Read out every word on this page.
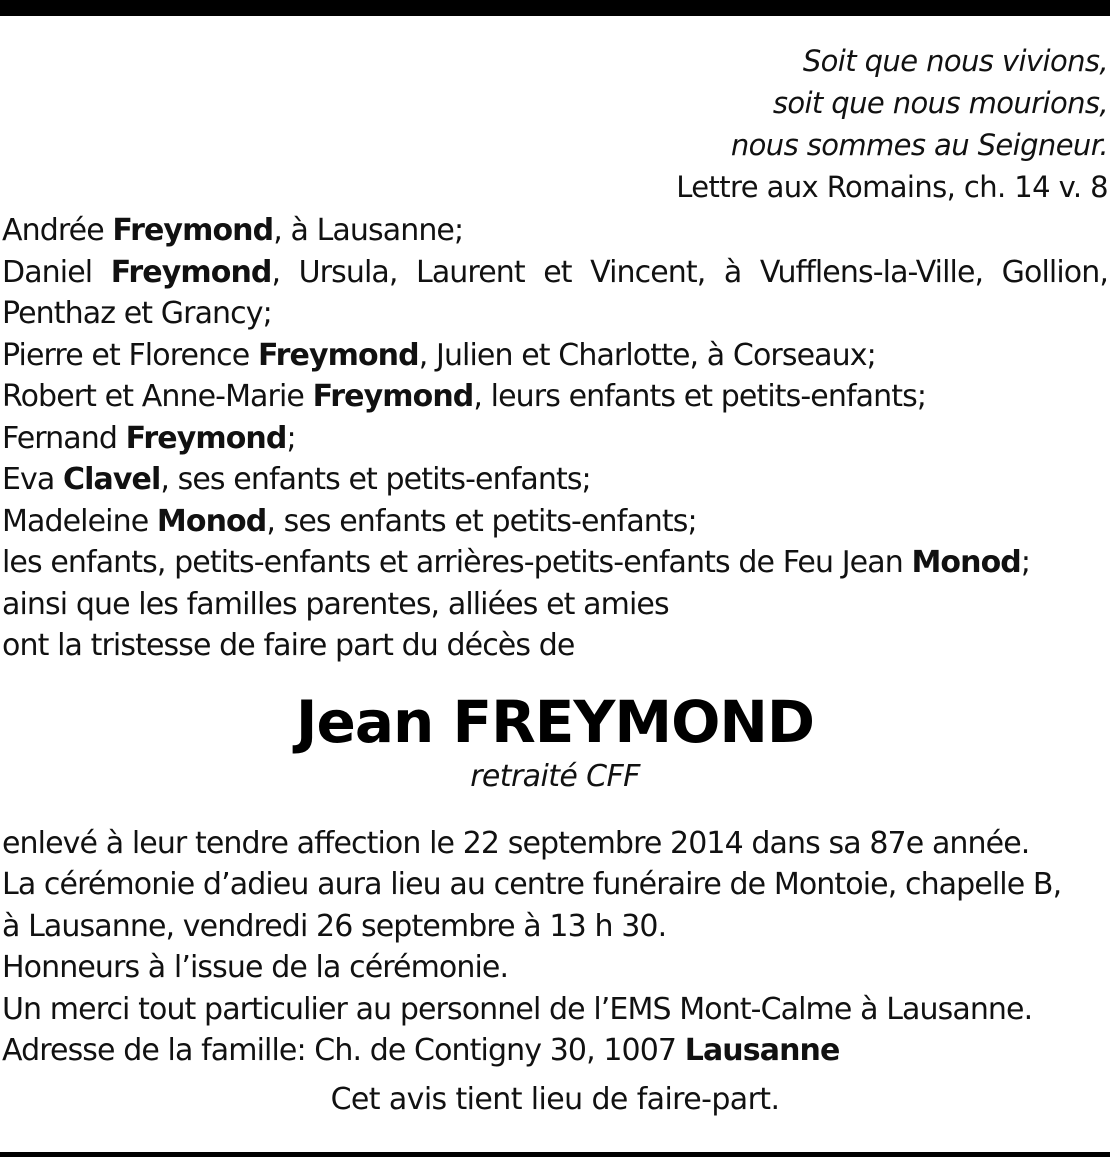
Soit que nous vivions,
soit que nous mourions,
nous sommes au Seigneur.
Lettre aux Romains, ch. 14 v. 8
Andrée Freymond, à Lausanne;
Daniel Freymond, Ursula, Laurent et Vincent, à Vufflens-la-Ville, Gollion,
Penthaz et Grancy;
Pierre et Florence Freymond, Julien et Charlotte, à Corseaux;
Robert et Anne-Marie Freymond, leurs enfants et petits-enfants;
Fernand Freymond;
Eva Clavel, ses enfants et petits-enfants;
Madeleine Monod, ses enfants et petits-enfants;
les enfants, petits-enfants et arrières-petits-enfants de Feu Jean Monod;
ainsi que les familles parentes, alliées et amies
ont la tristesse de faire part du décès de
Jean FREYMOND
retraité CFF
enlevé à leur tendre affection le 22 septembre 2014 dans sa 87e année.
La cérémonie d’adieu aura lieu au centre funéraire de Montoie, chapelle B,
à Lausanne, vendredi 26 septembre à 13 h 30.
Honneurs à l’issue de la cérémonie.
Un merci tout particulier au personnel de l’EMS Mont-Calme à Lausanne.
Adresse de la famille: Ch. de Contigny 30, 1007 Lausanne
Cet avis tient lieu de faire-part.
